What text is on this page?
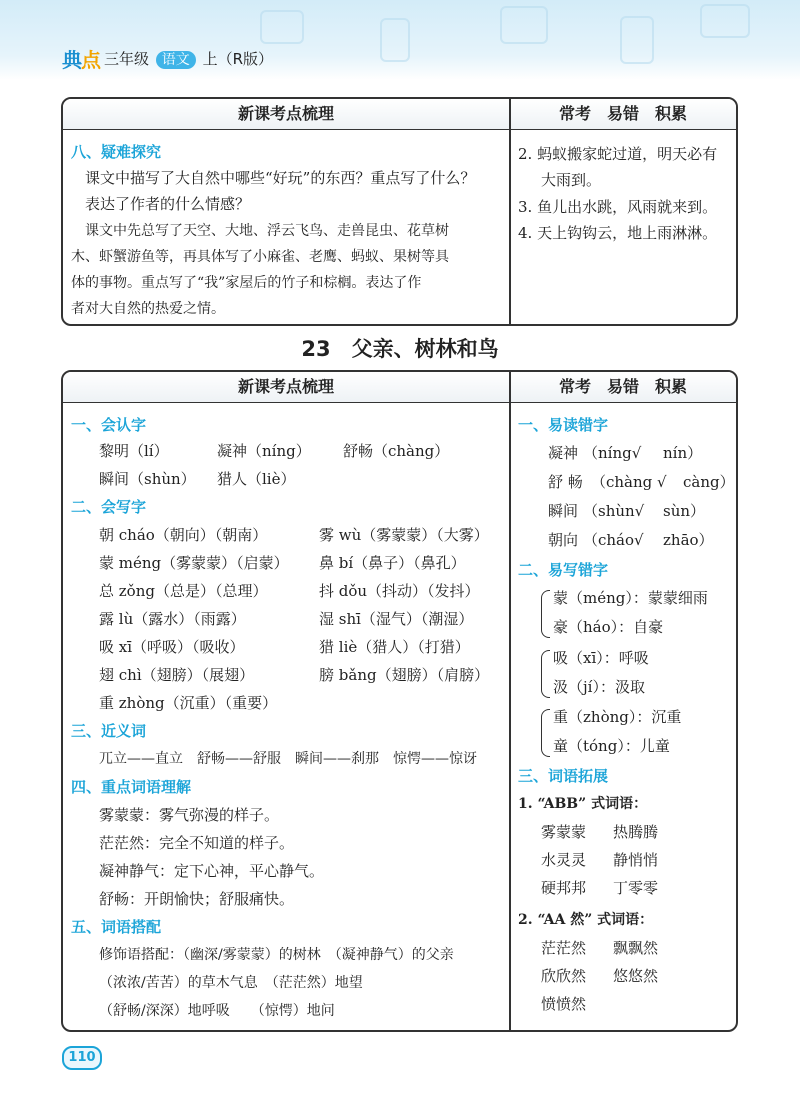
典点 三年级 语文 上（R版）
新课考点梳理	常考　易错　积累
八、疑难探究
课文中描写了大自然中哪些“好玩”的东西？重点写了什么？
表达了作者的什么情感？
课文中先总写了天空、大地、浮云飞鸟、走兽昆虫、花草树
木、虾蟹游鱼等，再具体写了小麻雀、老鹰、蚂蚁、果树等具
体的事物。重点写了“我”家屋后的竹子和棕榈。表达了作
者对大自然的热爱之情。
2. 蚂蚁搬家蛇过道，明天必有
大雨到。
3. 鱼儿出水跳，风雨就来到。
4. 天上钩钩云，地上雨淋淋。
23　父亲、树林和鸟
新课考点梳理	常考　易错　积累
一、会认字
黎明（lí）	凝神（níng） 舒畅（chàng）
瞬间（shùn） 猎人（liè）
二、会写字
朝 cháo（朝向）（朝南）	雾 wù（雾蒙蒙）（大雾）
蒙 méng（雾蒙蒙）（启蒙） 鼻 bí（鼻子）（鼻孔）
总 zǒng（总是）（总理）	抖 dǒu（抖动）（发抖）
露 lù（露水）（雨露）	湿 shī（湿气）（潮湿）
吸 xī（呼吸）（吸收）	猎 liè（猎人）（打猎）
翅 chì（翅膀）（展翅）	膀 bǎng（翅膀）（肩膀）
重 zhòng（沉重）（重要）
三、近义词
兀立——直立　舒畅——舒服　瞬间——刹那　惊愕——惊讶
四、重点词语理解
雾蒙蒙：雾气弥漫的样子。
茫茫然：完全不知道的样子。
凝神静气：定下心神，平心静气。
舒畅：开朗愉快；舒服痛快。
五、词语搭配
修饰语搭配：（幽深/雾蒙蒙）的树林　（凝神静气）的父亲
（浓浓/苦苦）的草木气息　（茫茫然）地望
（舒畅/深深）地呼吸　　（惊愕）地问
一、易读错字
凝神 （níng√ nín）
舒 畅 （chàng √ càng）
瞬间 （shùn√ sùn）
朝向 （cháo√ zhāo）
二、易写错字
蒙（méng）：蒙蒙细雨
豪（háo）：自豪
吸（xī）：呼吸
汲（jí）：汲取
重（zhòng）：沉重
童（tóng）：儿童
三、词语拓展
1. “ABB” 式词语：
雾蒙蒙 热腾腾
水灵灵 静悄悄
硬邦邦 丁零零
2. “AA 然” 式词语：
茫茫然 飘飘然
欣欣然 悠悠然
愤愤然
110
